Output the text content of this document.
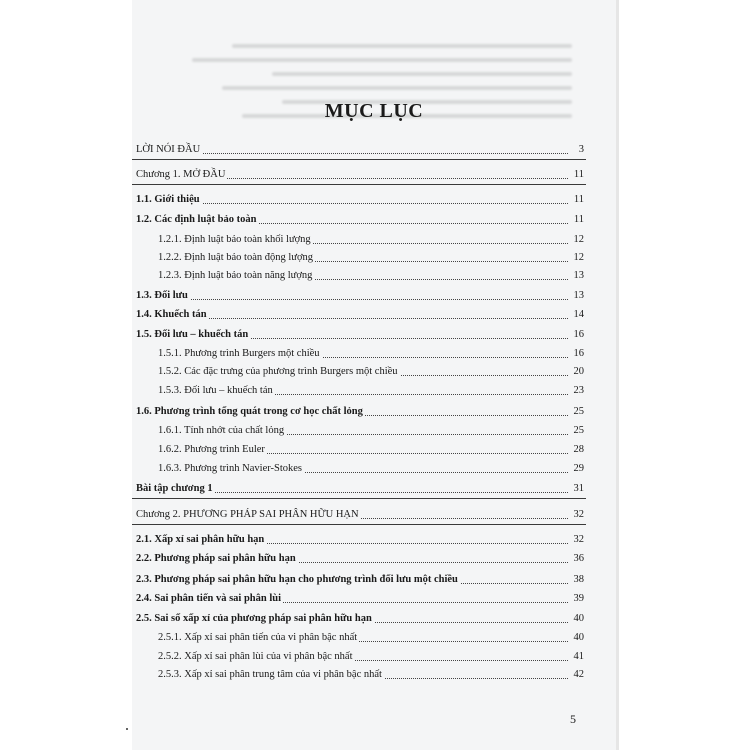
MỤC LỤC
LỜI NÓI ĐẦU	3
Chương 1. MỞ ĐẦU	11
1.1. Giới thiệu	11
1.2. Các định luật bảo toàn	11
1.2.1. Định luật bảo toàn khối lượng	12
1.2.2. Định luật bảo toàn động lượng	12
1.2.3. Định luật bảo toàn năng lượng	13
1.3. Đối lưu	13
1.4. Khuếch tán	14
1.5. Đối lưu – khuếch tán	16
1.5.1. Phương trình Burgers một chiều	16
1.5.2. Các đặc trưng của phương trình Burgers một chiều	20
1.5.3. Đối lưu – khuếch tán	23
1.6. Phương trình tổng quát trong cơ học chất lỏng	25
1.6.1. Tính nhớt của chất lỏng	25
1.6.2. Phương trình Euler	28
1.6.3. Phương trình Navier-Stokes	29
Bài tập chương 1	31
Chương 2. PHƯƠNG PHÁP SAI PHÂN HỮU HẠN	32
2.1. Xấp xỉ sai phân hữu hạn	32
2.2. Phương pháp sai phân hữu hạn	36
2.3. Phương pháp sai phân hữu hạn cho phương trình đối lưu một chiều	38
2.4. Sai phân tiến và sai phân lùi	39
2.5. Sai số xấp xỉ của phương pháp sai phân hữu hạn	40
2.5.1. Xấp xỉ sai phân tiến của vi phân bậc nhất	40
2.5.2. Xấp xỉ sai phân lùi của vi phân bậc nhất	41
2.5.3. Xấp xỉ sai phân trung tâm của vi phân bậc nhất	42
5
